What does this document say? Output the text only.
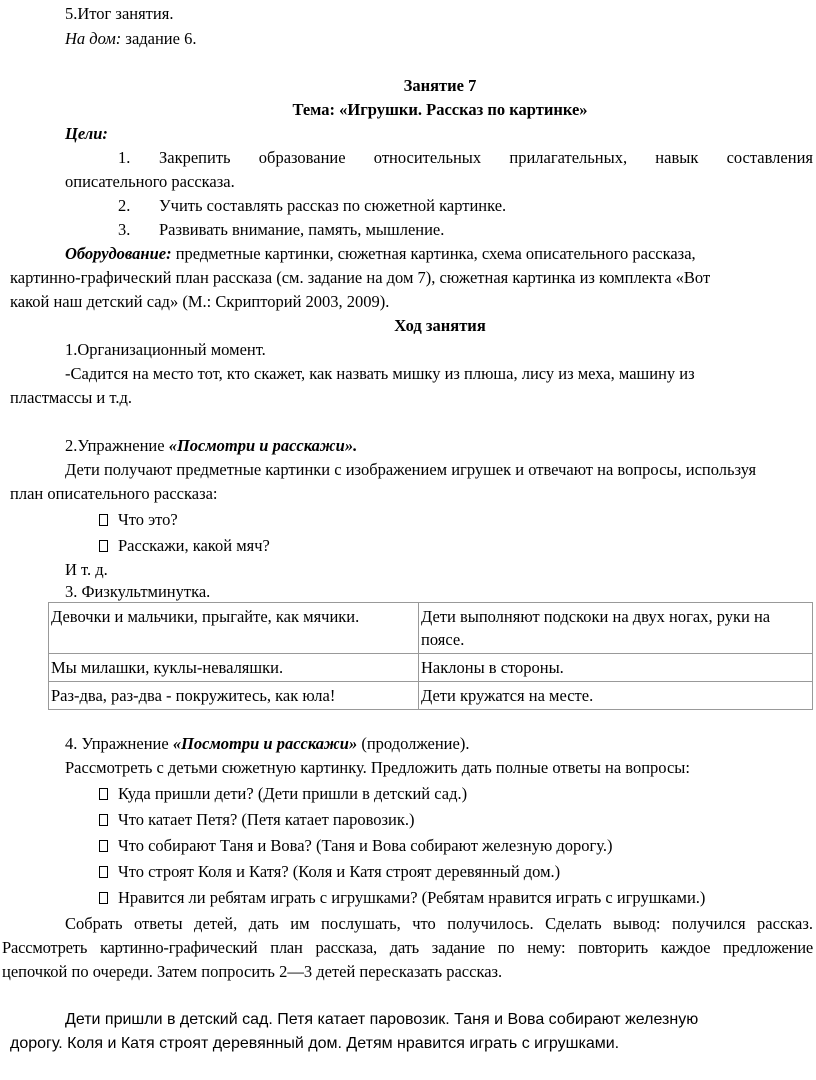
5.Итог занятия.
На дом: задание 6.
Занятие 7
Тема: «Игрушки. Рассказ по картинке»
Цели:
1. Закрепить образование относительных прилагательных, навык составления
описательного рассказа.
2. Учить составлять рассказ по сюжетной картинке.
3. Развивать внимание, память, мышление.
Оборудование: предметные картинки, сюжетная картинка, схема описательного рассказа,
картинно-графический план рассказа (см. задание на дом 7), сюжетная картинка из комплекта «Вот
какой наш детский сад» (М.: Скрипторий 2003, 2009).
Ход занятия
1.Организационный момент.
-Садится на место тот, кто скажет, как назвать мишку из плюша, лису из меха, машину из
пластмассы и т.д.
2.Упражнение «Посмотри и расскажи».
Дети получают предметные картинки с изображением игрушек и отвечают на вопросы, используя
план описательного рассказа:
Что это?
Расскажи, какой мяч?
И т. д.
3. Физкультминутка.
Девочки и мальчики, прыгайте, как мячики.	Дети выполняют подскоки на двух ногах, руки на поясе.
Мы милашки, куклы-неваляшки.	Наклоны в стороны.
Раз-два, раз-два - покружитесь, как юла!	Дети кружатся на месте.
4. Упражнение «Посмотри и расскажи» (продолжение).
Рассмотреть с детьми сюжетную картинку. Предложить дать полные ответы на вопросы:
Куда пришли дети? (Дети пришли в детский сад.)
Что катает Петя? (Петя катает паровозик.)
Что собирают Таня и Вова? (Таня и Вова собирают железную дорогу.)
Что строят Коля и Катя? (Коля и Катя строят деревянный дом.)
Нравится ли ребятам играть с игрушками? (Ребятам нравится играть с игрушками.)
Собрать ответы детей, дать им послушать, что получилось. Сделать вывод: получился рассказ.
Рассмотреть картинно-графический план рассказа, дать задание по нему: повторить каждое предложение
цепочкой по очереди. Затем попросить 2—3 детей пересказать рассказ.
Дети пришли в детский сад. Петя катает паровозик. Таня и Вова собирают железную
дорогу. Коля и Катя строят деревянный дом. Детям нравится играть с игрушками.
